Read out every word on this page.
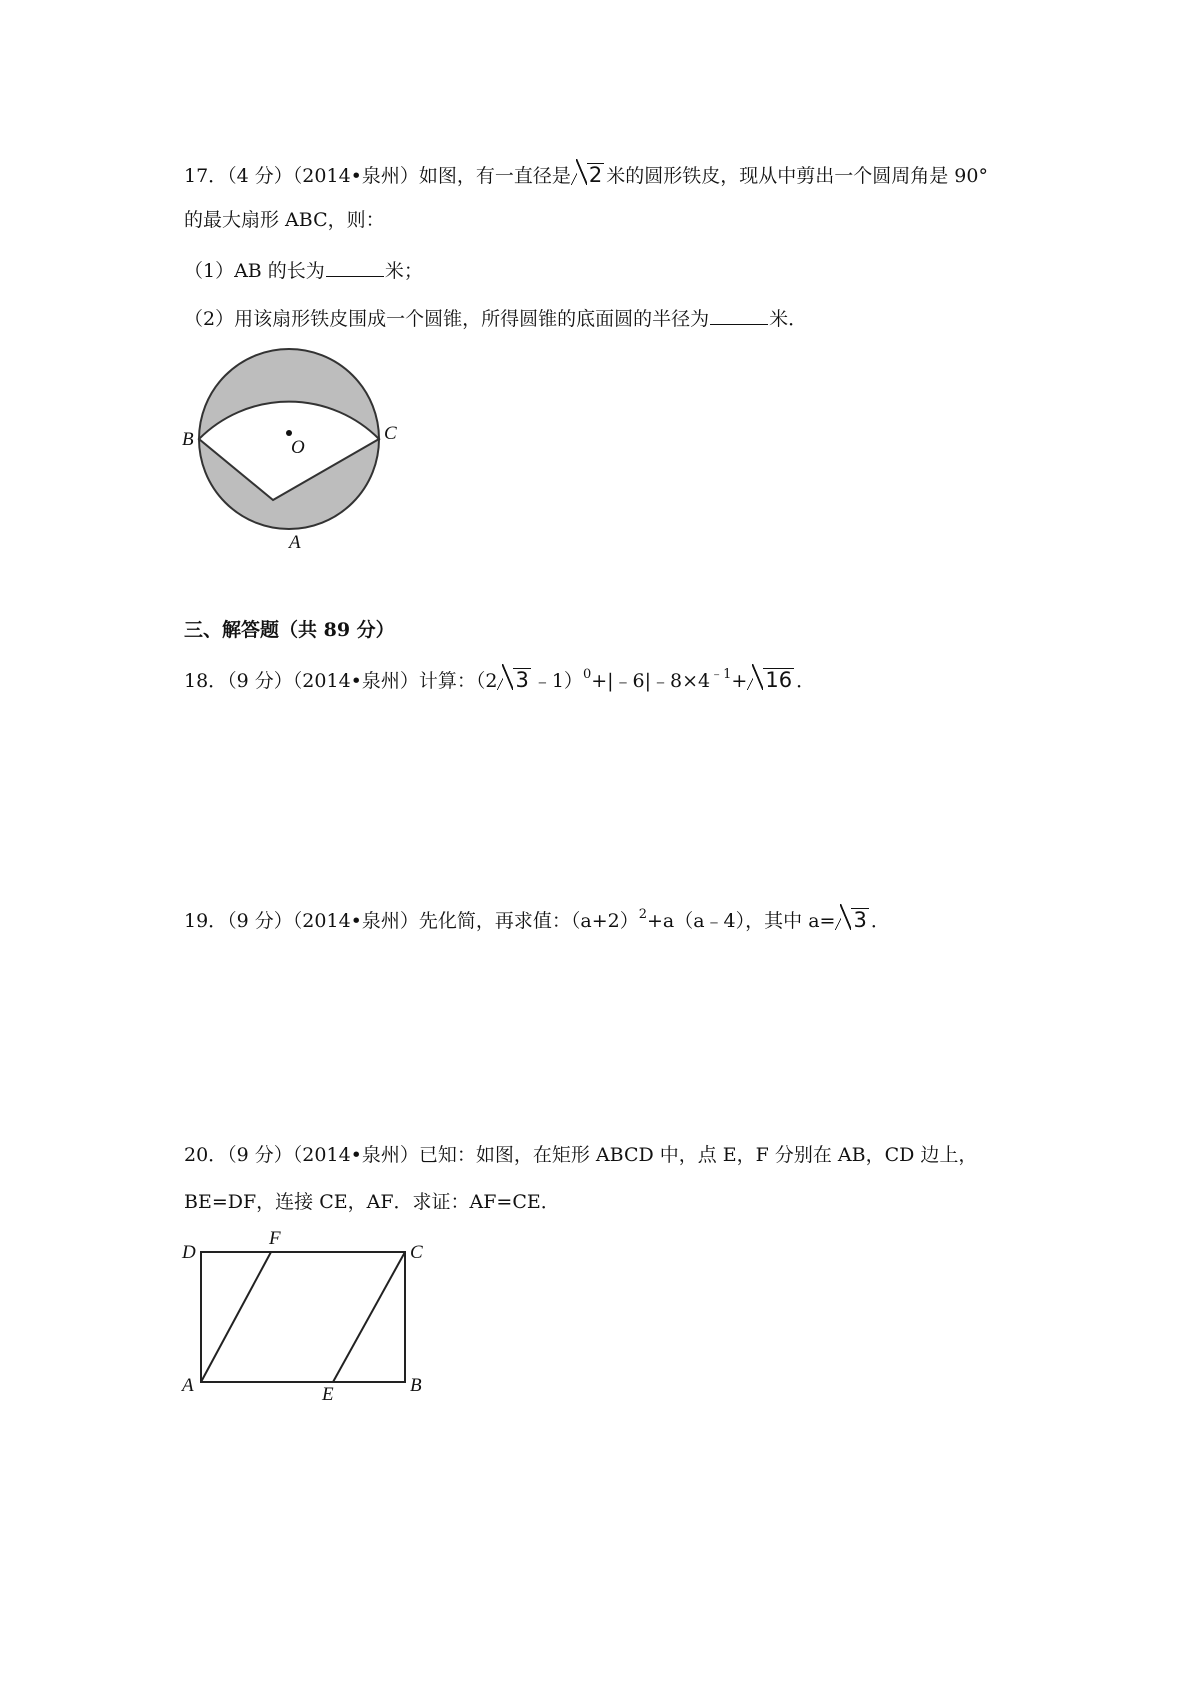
17．（4 分）（2014•泉州）如图，有一直径是 2 米的圆形铁皮，现从中剪出一个圆周角是 90°
的最大扇形 ABC，则：
（1）AB 的长为	米；
（2）用该扇形铁皮围成一个圆锥，所得圆锥的底面圆的半径为	米．
B	C
O
A
三、解答题（共 89 分）
18．（9 分）（2014•泉州）计算：（2 3 $﹣1)^0+|﹣6|﹣8\times 4^{﹣1}+ 16$ ．
19．（9 分）（2014•泉州）先化简，再求值：$(a+2)^2+a(a﹣4)$，其中 a= 3 ．
20．（9 分）（2014•泉州）已知：如图，在矩形 ABCD 中，点 E，F 分别在 AB，CD 边上，
BE=DF，连接 CE，AF．求证：AF=CE．
D
F
C
A	E	B
